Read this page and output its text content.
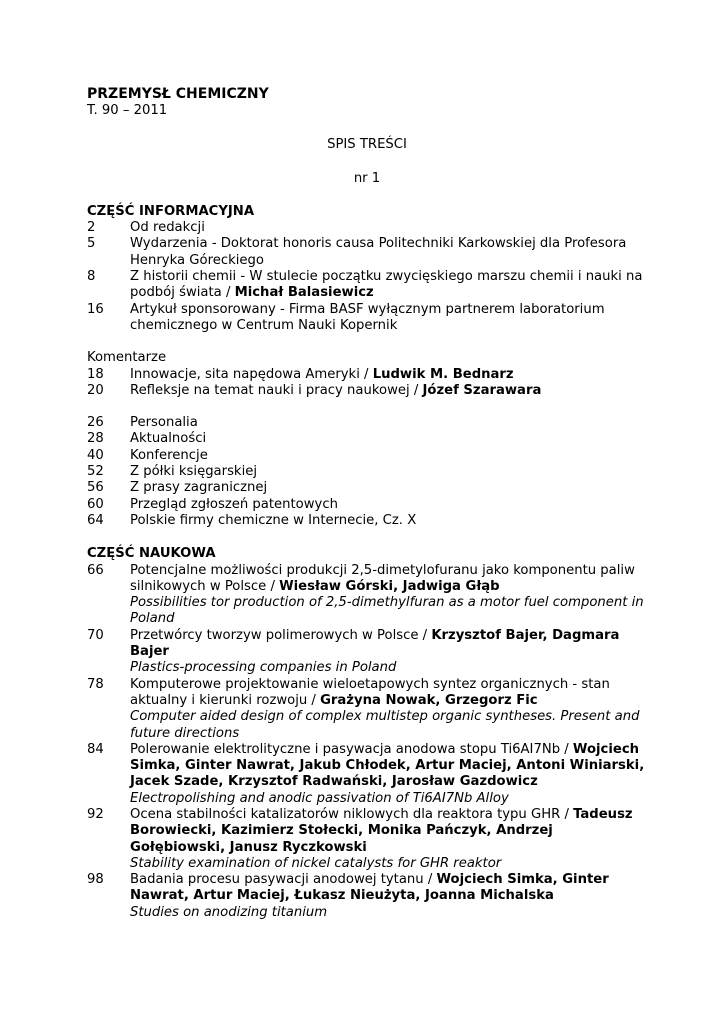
PRZEMYSŁ CHEMICZNY
T. 90 – 2011
SPIS TREŚCI
nr 1
CZĘŚĆ INFORMACYJNA
2	Od redakcji
5	Wydarzenia - Doktorat honoris causa Politechniki Karkowskiej dla Profesora Henryka Góreckiego
8	Z historii chemii - W stulecie początku zwycięskiego marszu chemii i nauki na podbój świata / Michał Balasiewicz
16	Artykuł sponsorowany - Firma BASF wyłącznym partnerem laboratorium chemicznego w Centrum Nauki Kopernik
Komentarze
18	Innowacje, sita napędowa Ameryki / Ludwik M. Bednarz
20	Refleksje na temat nauki i pracy naukowej / Józef Szarawara
26	Personalia
28	Aktualności
40	Konferencje
52	Z półki księgarskiej
56	Z prasy zagranicznej
60	Przegląd zgłoszeń patentowych
64	Polskie firmy chemiczne w Internecie, Cz. X
CZĘŚĆ NAUKOWA
66	Potencjalne możliwości produkcji 2,5-dimetylofuranu jako komponentu paliw silnikowych w Polsce / Wiesław Górski, Jadwiga Głąb
Possibilities tor production of 2,5-dimethylfuran as a motor fuel component in Poland
70	Przetwórcy tworzyw polimerowych w Polsce / Krzysztof Bajer, Dagmara Bajer
Plastics-processing companies in Poland
78	Komputerowe projektowanie wieloetapowych syntez organicznych - stan aktualny i kierunki rozwoju / Grażyna Nowak, Grzegorz Fic
Computer aided design of complex multistep organic syntheses. Present and future directions
84	Polerowanie elektrolityczne i pasywacja anodowa stopu Ti6AI7Nb / Wojciech Simka, Ginter Nawrat, Jakub Chłodek, Artur Maciej, Antoni Winiarski, Jacek Szade, Krzysztof Radwański, Jarosław Gazdowicz
Electropolishing and anodic passivation of Ti6AI7Nb Alloy
92	Ocena stabilności katalizatorów niklowych dla reaktora typu GHR / Tadeusz Borowiecki, Kazimierz Stołecki, Monika Pańczyk, Andrzej Gołębiowski, Janusz Ryczkowski
Stability examination of nickel catalysts for GHR reaktor
98	Badania procesu pasywacji anodowej tytanu / Wojciech Simka, Ginter Nawrat, Artur Maciej, Łukasz Nieużyta, Joanna Michalska
Studies on anodizing titanium
